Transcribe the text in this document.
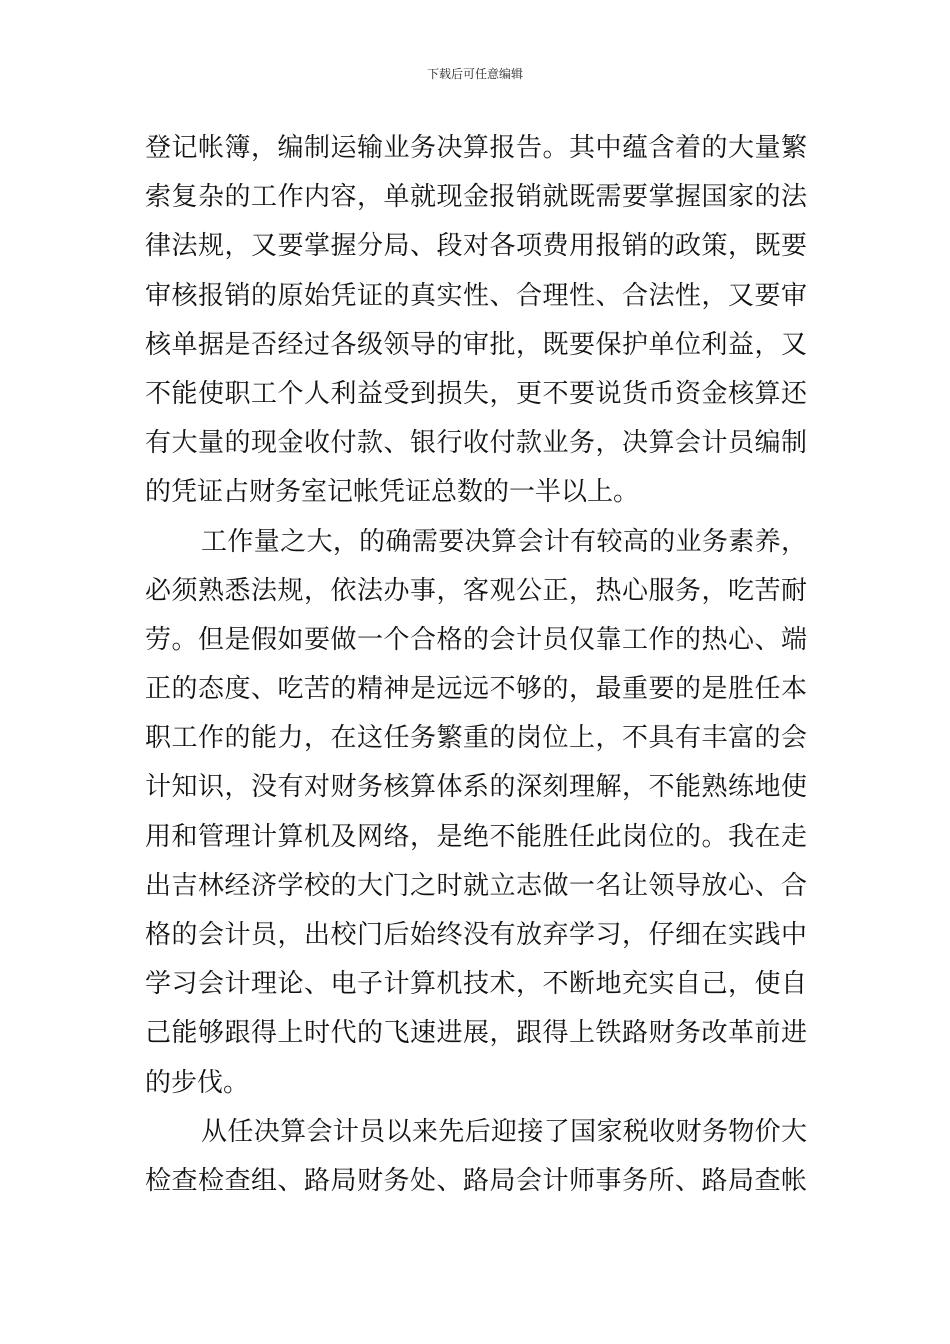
下载后可任意编辑
登记帐簿，编制运输业务决算报告。其中蕴含着的大量繁
索复杂的工作内容，单就现金报销就既需要掌握国家的法
律法规，又要掌握分局、段对各项费用报销的政策，既要
审核报销的原始凭证的真实性、合理性、合法性，又要审
核单据是否经过各级领导的审批，既要保护单位利益，又
不能使职工个人利益受到损失，更不要说货币资金核算还
有大量的现金收付款、银行收付款业务，决算会计员编制
的凭证占财务室记帐凭证总数的一半以上。
工作量之大，的确需要决算会计有较高的业务素养，
必须熟悉法规，依法办事，客观公正，热心服务，吃苦耐
劳。但是假如要做一个合格的会计员仅靠工作的热心、端
正的态度、吃苦的精神是远远不够的，最重要的是胜任本
职工作的能力，在这任务繁重的岗位上，不具有丰富的会
计知识，没有对财务核算体系的深刻理解，不能熟练地使
用和管理计算机及网络，是绝不能胜任此岗位的。我在走
出吉林经济学校的大门之时就立志做一名让领导放心、合
格的会计员，出校门后始终没有放弃学习，仔细在实践中
学习会计理论、电子计算机技术，不断地充实自己，使自
己能够跟得上时代的飞速进展，跟得上铁路财务改革前进
的步伐。
从任决算会计员以来先后迎接了国家税收财务物价大
检查检查组、路局财务处、路局会计师事务所、路局查帐
